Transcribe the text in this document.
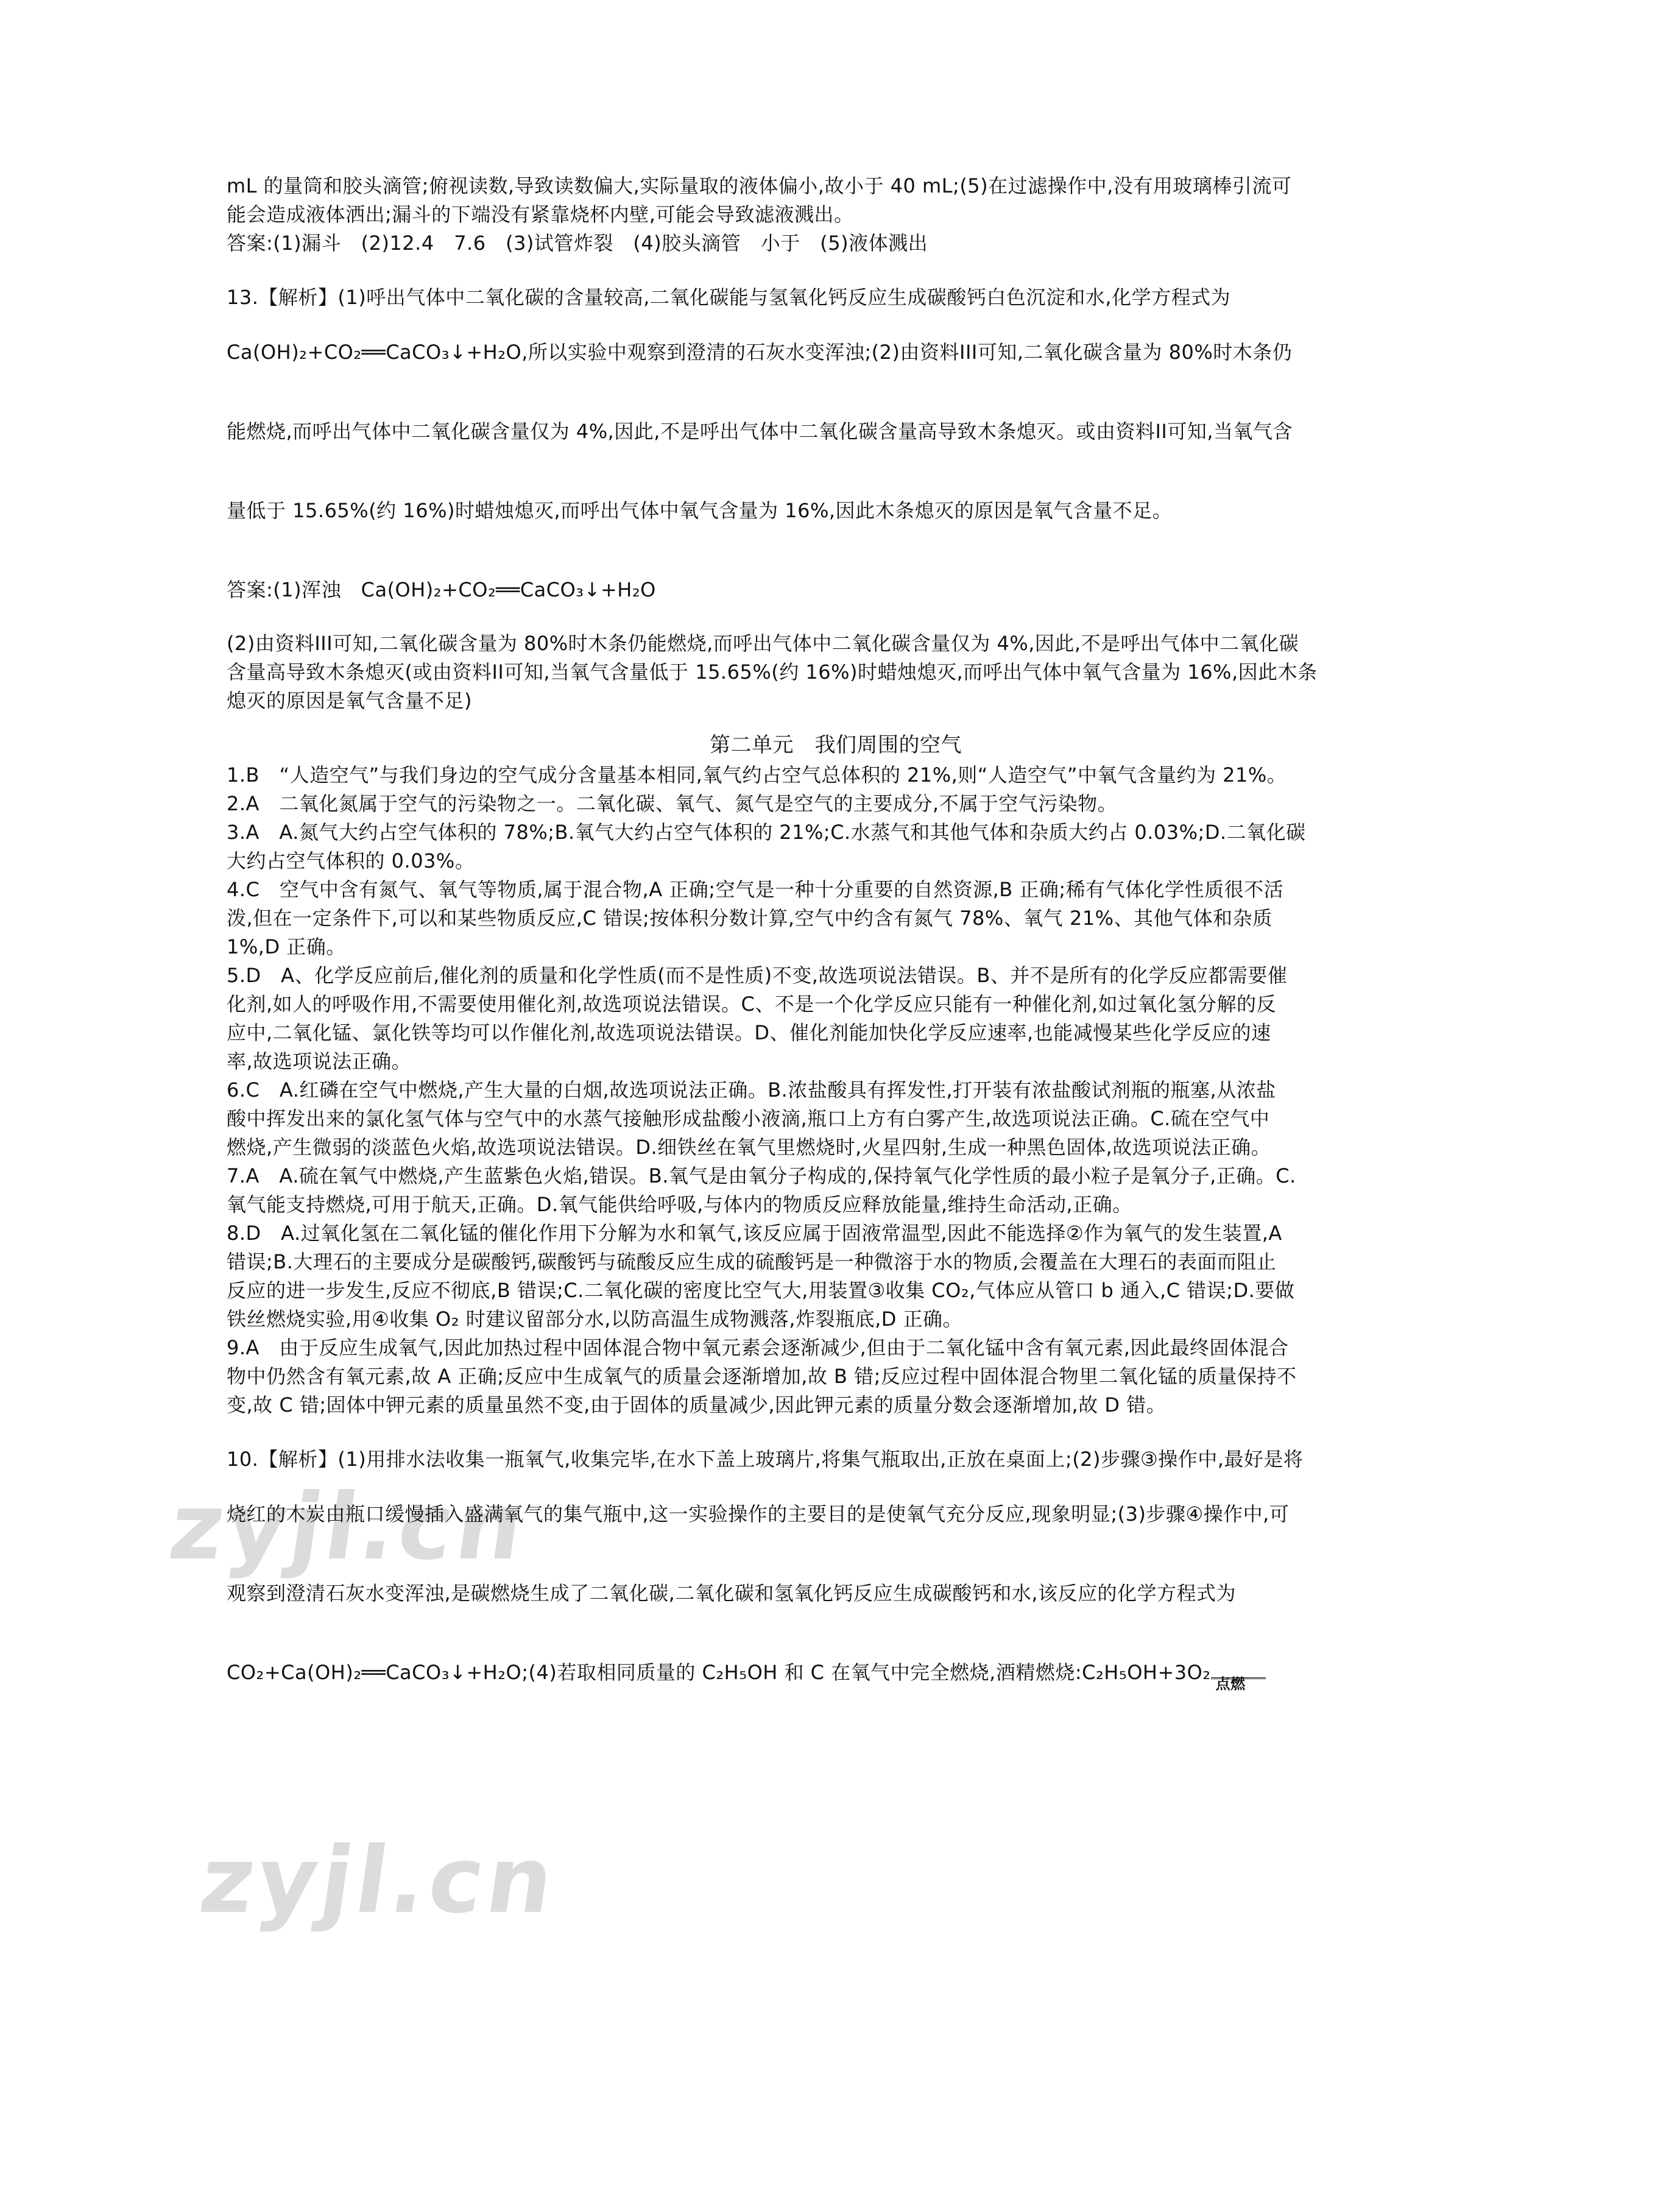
zyjl.cn
zyjl.cn

mL 的量筒和胶头滴管;俯视读数,导致读数偏大,实际量取的液体偏小,故小于 40 mL;(5)在过滤操作中,没有用玻璃棒引流可

能会造成液体洒出;漏斗的下端没有紧靠烧杯内壁,可能会导致滤液溅出。

答案:(1)漏斗　(2)12.4　7.6　(3)试管炸裂　(4)胶头滴管　小于　(5)液体溅出

13.【解析】(1)呼出气体中二氧化碳的含量较高,二氧化碳能与氢氧化钙反应生成碳酸钙白色沉淀和水,化学方程式为

Ca(OH)₂+CO₂══CaCO₃↓+H₂O,所以实验中观察到澄清的石灰水变浑浊;(2)由资料III可知,二氧化碳含量为 80%时木条仍

能燃烧,而呼出气体中二氧化碳含量仅为 4%,因此,不是呼出气体中二氧化碳含量高导致木条熄灭。或由资料II可知,当氧气含

量低于 15.65%(约 16%)时蜡烛熄灭,而呼出气体中氧气含量为 16%,因此木条熄灭的原因是氧气含量不足。

答案:(1)浑浊　Ca(OH)₂+CO₂══CaCO₃↓+H₂O

(2)由资料III可知,二氧化碳含量为 80%时木条仍能燃烧,而呼出气体中二氧化碳含量仅为 4%,因此,不是呼出气体中二氧化碳

含量高导致木条熄灭(或由资料II可知,当氧气含量低于 15.65%(约 16%)时蜡烛熄灭,而呼出气体中氧气含量为 16%,因此木条

熄灭的原因是氧气含量不足)

第二单元　我们周围的空气

1.B　“人造空气”与我们身边的空气成分含量基本相同,氧气约占空气总体积的 21%,则“人造空气”中氧气含量约为 21%。

2.A　二氧化氮属于空气的污染物之一。二氧化碳、氧气、氮气是空气的主要成分,不属于空气污染物。

3.A　A.氮气大约占空气体积的 78%;B.氧气大约占空气体积的 21%;C.水蒸气和其他气体和杂质大约占 0.03%;D.二氧化碳

大约占空气体积的 0.03%。

4.C　空气中含有氮气、氧气等物质,属于混合物,A 正确;空气是一种十分重要的自然资源,B 正确;稀有气体化学性质很不活

泼,但在一定条件下,可以和某些物质反应,C 错误;按体积分数计算,空气中约含有氮气 78%、氧气 21%、其他气体和杂质

1%,D 正确。

5.D　A、化学反应前后,催化剂的质量和化学性质(而不是性质)不变,故选项说法错误。B、并不是所有的化学反应都需要催

化剂,如人的呼吸作用,不需要使用催化剂,故选项说法错误。C、不是一个化学反应只能有一种催化剂,如过氧化氢分解的反

应中,二氧化锰、氯化铁等均可以作催化剂,故选项说法错误。D、催化剂能加快化学反应速率,也能减慢某些化学反应的速

率,故选项说法正确。

6.C　A.红磷在空气中燃烧,产生大量的白烟,故选项说法正确。B.浓盐酸具有挥发性,打开装有浓盐酸试剂瓶的瓶塞,从浓盐

酸中挥发出来的氯化氢气体与空气中的水蒸气接触形成盐酸小液滴,瓶口上方有白雾产生,故选项说法正确。C.硫在空气中

燃烧,产生微弱的淡蓝色火焰,故选项说法错误。D.细铁丝在氧气里燃烧时,火星四射,生成一种黑色固体,故选项说法正确。

7.A　A.硫在氧气中燃烧,产生蓝紫色火焰,错误。B.氧气是由氧分子构成的,保持氧气化学性质的最小粒子是氧分子,正确。C.

氧气能支持燃烧,可用于航天,正确。D.氧气能供给呼吸,与体内的物质反应释放能量,维持生命活动,正确。

8.D　A.过氧化氢在二氧化锰的催化作用下分解为水和氧气,该反应属于固液常温型,因此不能选择②作为氧气的发生装置,A

错误;B.大理石的主要成分是碳酸钙,碳酸钙与硫酸反应生成的硫酸钙是一种微溶于水的物质,会覆盖在大理石的表面而阻止

反应的进一步发生,反应不彻底,B 错误;C.二氧化碳的密度比空气大,用装置③收集 CO₂,气体应从管口 b 通入,C 错误;D.要做

铁丝燃烧实验,用④收集 O₂ 时建议留部分水,以防高温生成物溅落,炸裂瓶底,D 正确。

9.A　由于反应生成氧气,因此加热过程中固体混合物中氧元素会逐渐减少,但由于二氧化锰中含有氧元素,因此最终固体混合

物中仍然含有氧元素,故 A 正确;反应中生成氧气的质量会逐渐增加,故 B 错;反应过程中固体混合物里二氧化锰的质量保持不

变,故 C 错;固体中钾元素的质量虽然不变,由于固体的质量减少,因此钾元素的质量分数会逐渐增加,故 D 错。

10.【解析】(1)用排水法收集一瓶氧气,收集完毕,在水下盖上玻璃片,将集气瓶取出,正放在桌面上;(2)步骤③操作中,最好是将

烧红的木炭由瓶口缓慢插入盛满氧气的集气瓶中,这一实验操作的主要目的是使氧气充分反应,现象明显;(3)步骤④操作中,可

观察到澄清石灰水变浑浊,是碳燃烧生成了二氧化碳,二氧化碳和氢氧化钙反应生成碳酸钙和水,该反应的化学方程式为

CO₂+Ca(OH)₂══CaCO₃↓+H₂O;(4)若取相同质量的 C₂H₅OH 和 C 在氧气中完全燃烧,酒精燃烧:C₂H₅OH+3O₂ 点燃
